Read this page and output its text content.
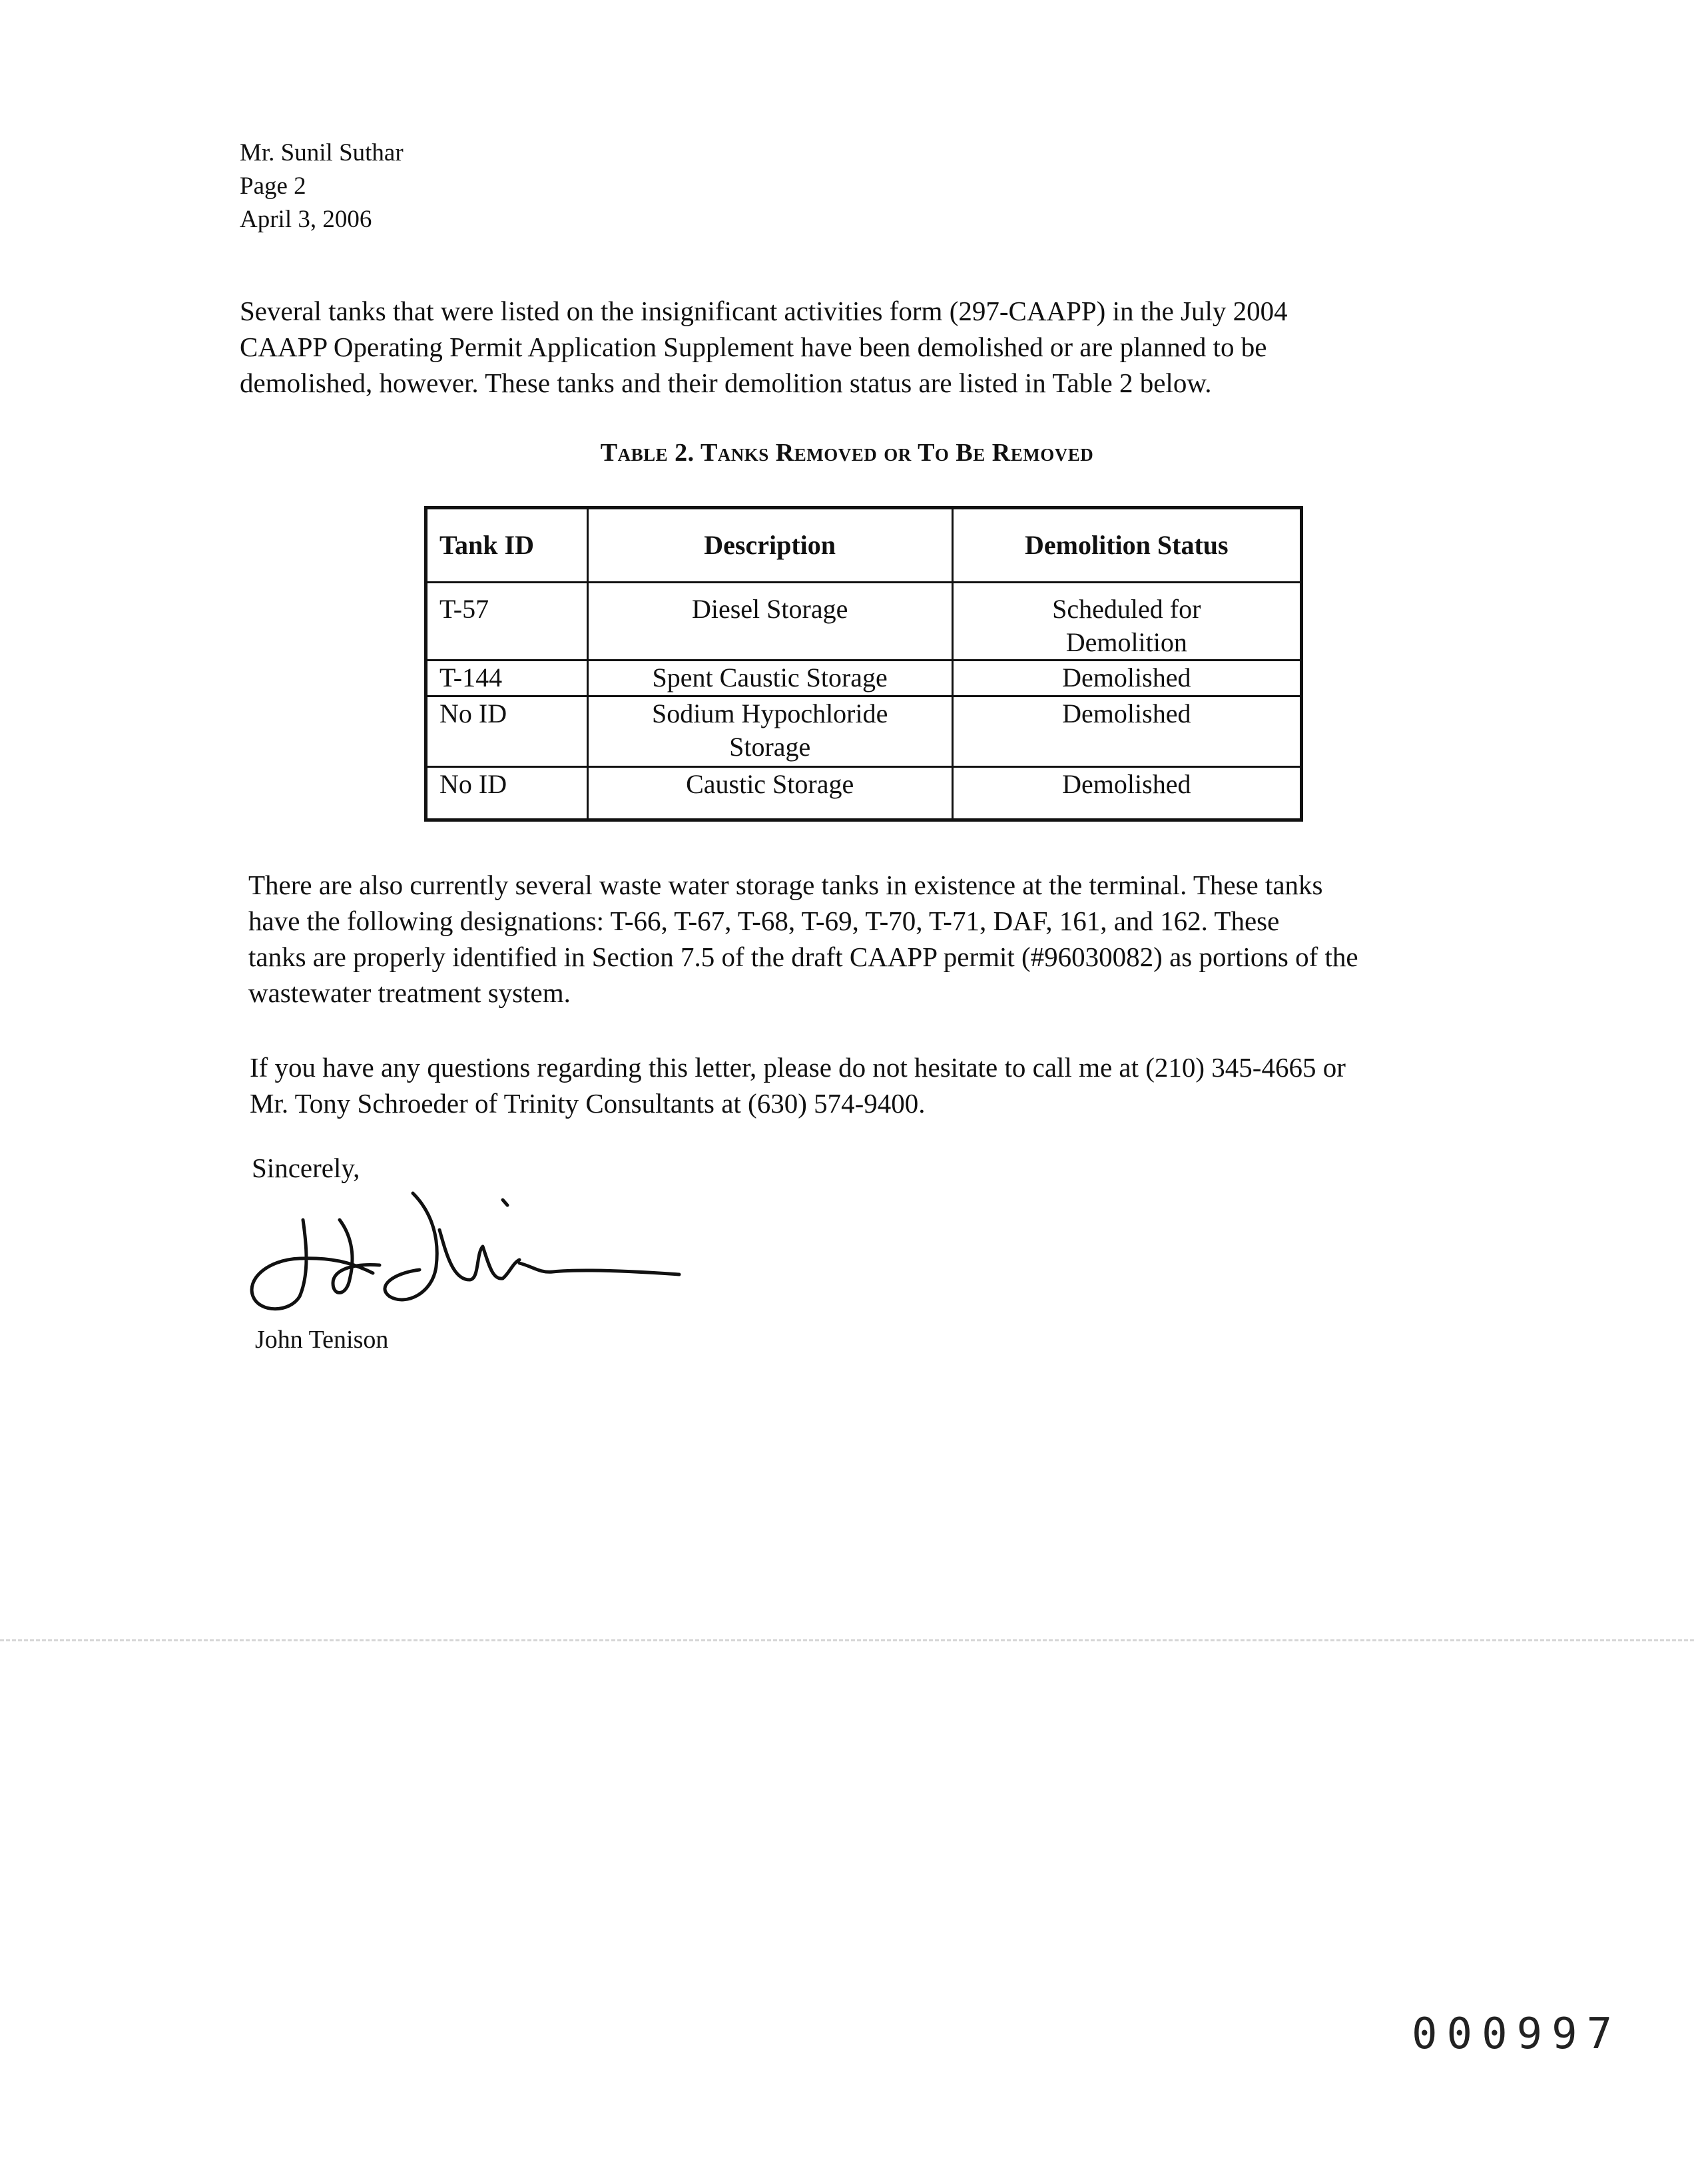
Mr. Sunil Suthar
Page 2
April 3, 2006
Several tanks that were listed on the insignificant activities form (297-CAAPP) in the July 2004
CAAPP Operating Permit Application Supplement have been demolished or are planned to be
demolished, however. These tanks and their demolition status are listed in Table 2 below.
Table 2. Tanks Removed or To Be Removed
Tank ID	Description	Demolition Status
T-57	Diesel Storage	Scheduled for Demolition
T-144	Spent Caustic Storage	Demolished
No ID	Sodium Hypochloride Storage	Demolished
No ID	Caustic Storage	Demolished
There are also currently several waste water storage tanks in existence at the terminal. These tanks
have the following designations: T-66, T-67, T-68, T-69, T-70, T-71, DAF, 161, and 162. These
tanks are properly identified in Section 7.5 of the draft CAAPP permit (#96030082) as portions of the
wastewater treatment system.
If you have any questions regarding this letter, please do not hesitate to call me at (210) 345-4665 or
Mr. Tony Schroeder of Trinity Consultants at (630) 574-9400.
Sincerely,
John Tenison
000997
